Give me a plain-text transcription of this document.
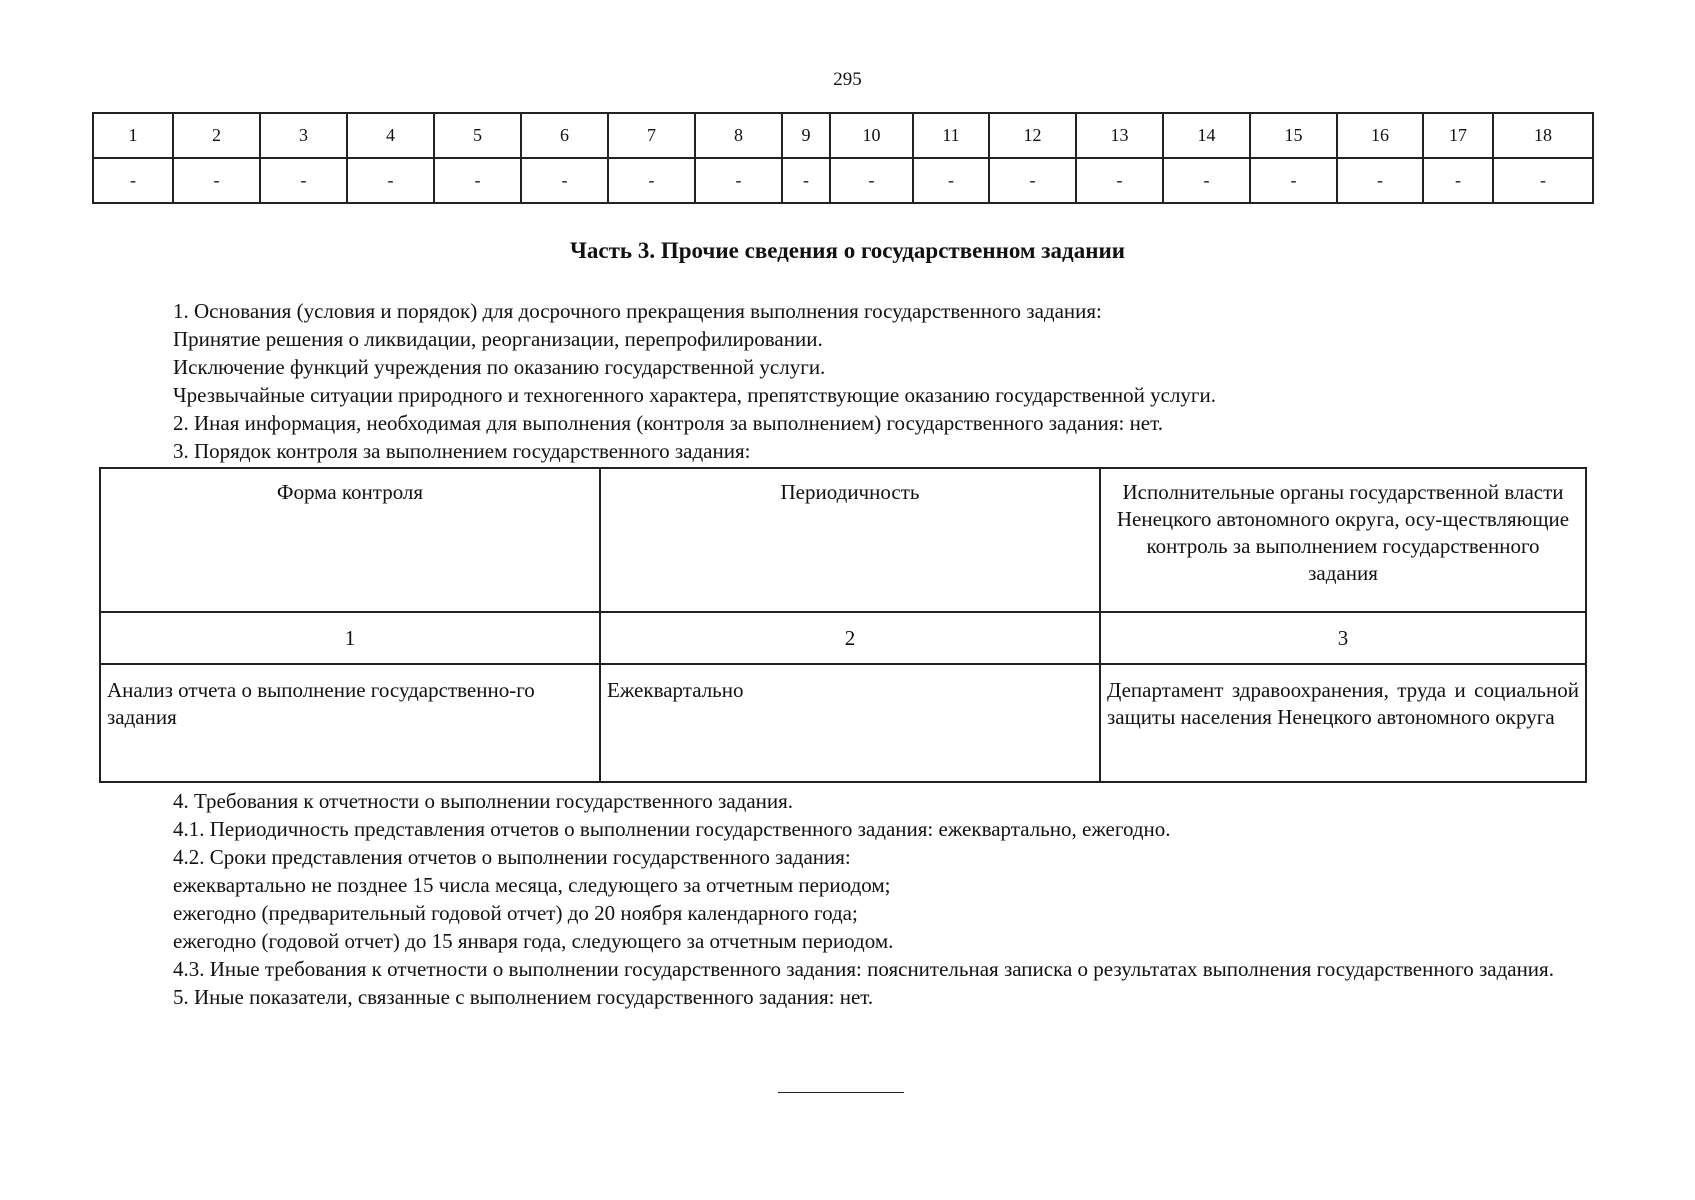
295
1	2	3	4	5	6	7	8	9	10	11	12	13	14	15	16	17	18
-	-	-	-	-	-	-	-	-	-	-	-	-	-	-	-	-	-
Часть 3. Прочие сведения о государственном задании

1. Основания (условия и порядок) для досрочного прекращения выполнения государственного задания:

Принятие решения о ликвидации, реорганизации, перепрофилировании.

Исключение функций учреждения по оказанию государственной услуги.

Чрезвычайные ситуации природного и техногенного характера, препятствующие оказанию государственной услуги.

2. Иная информация, необходимая для выполнения (контроля за выполнением) государственного задания: нет.

3. Порядок контроля за выполнением государственного задания:

Форма контроля	Периодичность	Исполнительные органы государственной власти Ненецкого автономного округа, осу-ществляющие контроль за выполнением государственного задания
1	2	3
Анализ отчета о выполнение государственно-го задания	Ежеквартально	Департамент здравоохранения, труда и социальной защиты населения Ненецкого автономного округа

4. Требования к отчетности о выполнении государственного задания.

4.1. Периодичность представления отчетов о выполнении государственного задания: ежеквартально, ежегодно.

4.2. Сроки представления отчетов о выполнении государственного задания:

ежеквартально не позднее 15 числа месяца, следующего за отчетным периодом;

ежегодно (предварительный годовой отчет) до 20 ноября календарного года;

ежегодно (годовой отчет) до 15 января года, следующего за отчетным периодом.

4.3. Иные требования к отчетности о выполнении государственного задания: пояснительная записка о результатах выполнения государственного задания.

5. Иные показатели, связанные с выполнением государственного задания: нет.
